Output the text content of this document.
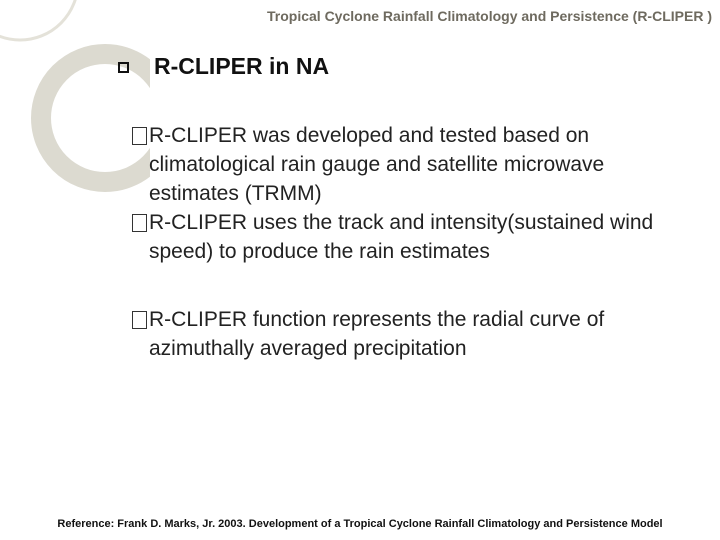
Tropical Cyclone Rainfall Climatology and Persistence (R-CLIPER )
R-CLIPER in NA
R-CLIPER was developed and tested based on climatological rain gauge and satellite microwave estimates (TRMM)
R-CLIPER uses the track and intensity(sustained wind speed) to produce the rain estimates
R-CLIPER function represents the radial curve of azimuthally averaged precipitation
Reference: Frank D. Marks, Jr. 2003. Development of a Tropical Cyclone Rainfall Climatology and Persistence Model
